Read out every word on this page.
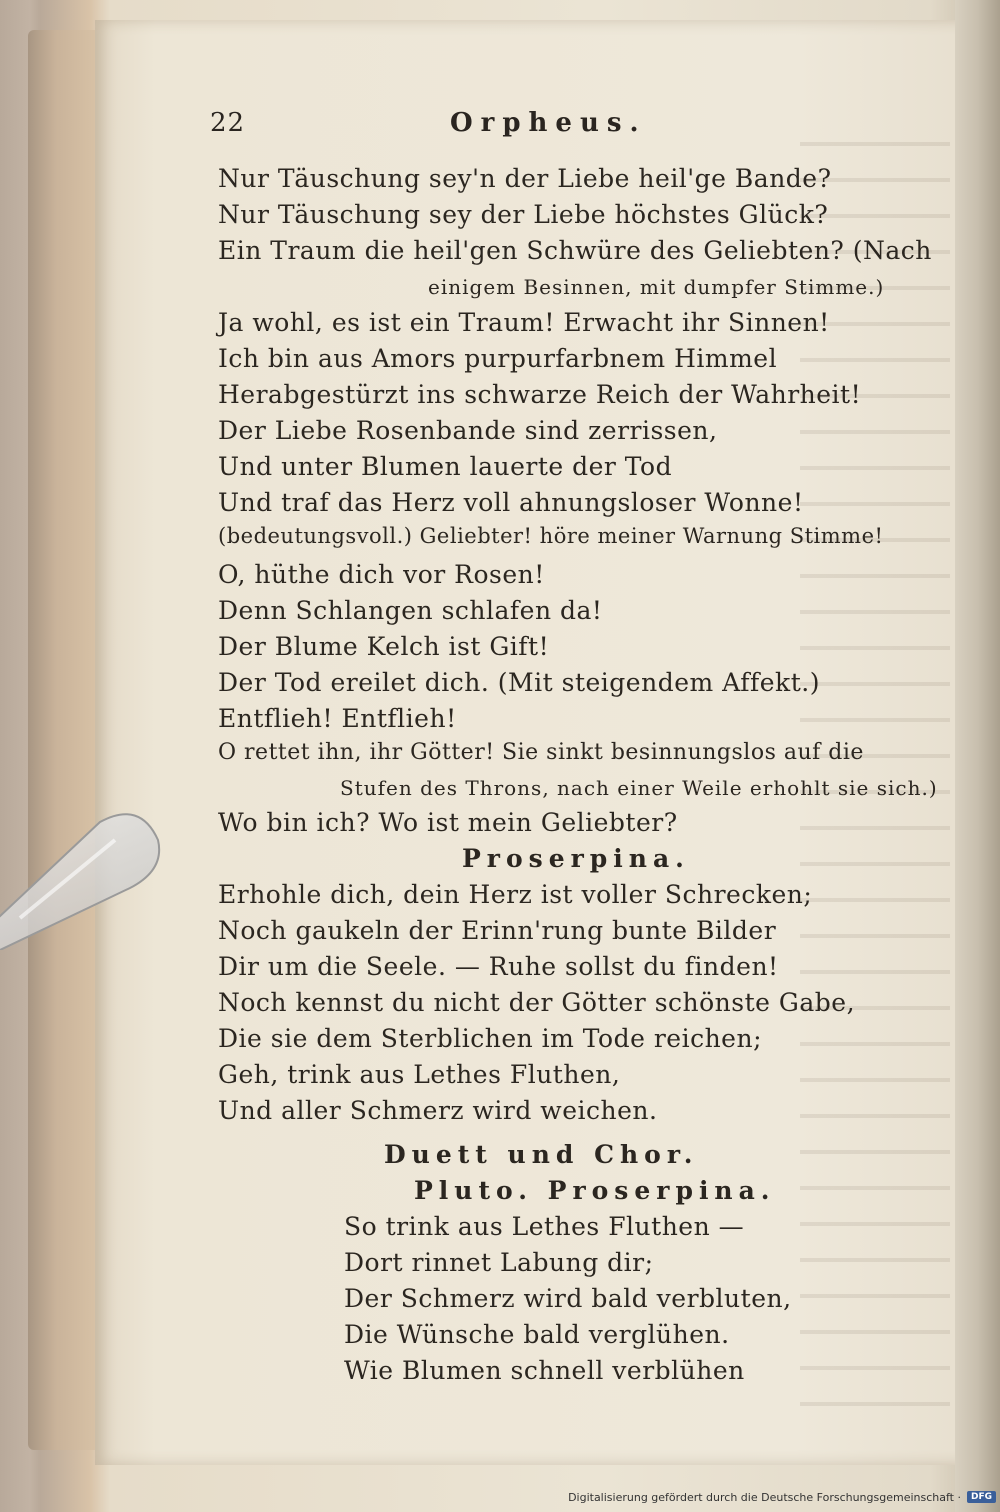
22	Orpheus.
Nur Täuschung sey'n der Liebe heil'ge Bande?
Nur Täuschung sey der Liebe höchstes Glück?
Ein Traum die heil'gen Schwüre des Geliebten? (Nach
einigem Besinnen, mit dumpfer Stimme.)
Ja wohl, es ist ein Traum! Erwacht ihr Sinnen!
Ich bin aus Amors purpurfarbnem Himmel
Herabgestürzt ins schwarze Reich der Wahrheit!
Der Liebe Rosenbande sind zerrissen,
Und unter Blumen lauerte der Tod
Und traf das Herz voll ahnungsloser Wonne!
(bedeutungsvoll.) Geliebter! höre meiner Warnung Stimme!
O, hüthe dich vor Rosen!
Denn Schlangen schlafen da!
Der Blume Kelch ist Gift!
Der Tod ereilet dich. (Mit steigendem Affekt.)
Entflieh! Entflieh!
O rettet ihn, ihr Götter! Sie sinkt besinnungslos auf die
Stufen des Throns, nach einer Weile erhohlt sie sich.)
Wo bin ich? Wo ist mein Geliebter?
Proserpina.
Erhohle dich, dein Herz ist voller Schrecken;
Noch gaukeln der Erinn'rung bunte Bilder
Dir um die Seele. — Ruhe sollst du finden!
Noch kennst du nicht der Götter schönste Gabe,
Die sie dem Sterblichen im Tode reichen;
Geh, trink aus Lethes Fluthen,
Und aller Schmerz wird weichen.
Duett und Chor.
Pluto. Proserpina.
So trink aus Lethes Fluthen —
Dort rinnet Labung dir;
Der Schmerz wird bald verbluten,
Die Wünsche bald verglühen.
Wie Blumen schnell verblühen
Digitalisierung gefördert durch die Deutsche Forschungsgemeinschaft ·	DFG
